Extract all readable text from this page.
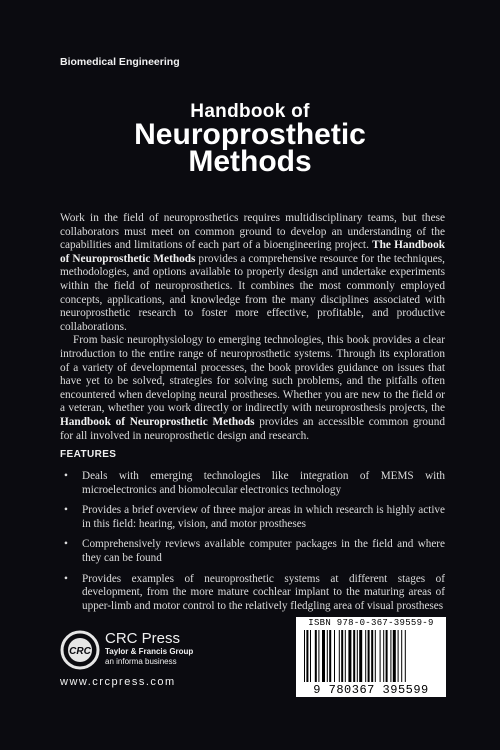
Biomedical Engineering
Handbook of
Neuroprosthetic
Methods

Work in the field of neuroprosthetics requires multidisciplinary teams, but these collaborators must meet on common ground to develop an understanding of the capabilities and limitations of each part of a bioengineering project. The Handbook of Neuroprosthetic Methods provides a comprehensive resource for the techniques, methodologies, and options available to properly design and undertake experiments within the field of neuroprosthetics. It combines the most commonly employed concepts, applications, and knowledge from the many disciplines associated with neuroprosthetic research to foster more effective, profitable, and productive collaborations.

From basic neurophysiology to emerging technologies, this book provides a clear introduction to the entire range of neuroprosthetic systems. Through its exploration of a variety of developmental processes, the book provides guidance on issues that have yet to be solved, strategies for solving such problems, and the pitfalls often encountered when developing neural prostheses. Whether you are new to the field or a veteran, whether you work directly or indirectly with neuroprosthesis projects, the Handbook of Neuroprosthetic Methods provides an accessible common ground for all involved in neuroprosthetic design and research.

FEATURES
• Deals with emerging technologies like integration of MEMS with microelectronics and biomolecular electronics technology
• Provides a brief overview of three major areas in which research is highly active in this field: hearing, vision, and motor prostheses
• Comprehensively reviews available computer packages in the field and where they can be found
• Provides examples of neuroprosthetic systems at different stages of development, from the more mature cochlear implant to the maturing areas of upper-limb and motor control to the relatively fledgling area of visual prostheses
CRC
CRC Press
Taylor & Francis Group
an informa business
www.crcpress.com
ISBN 978-0-367-39559-9
9 780367 395599
